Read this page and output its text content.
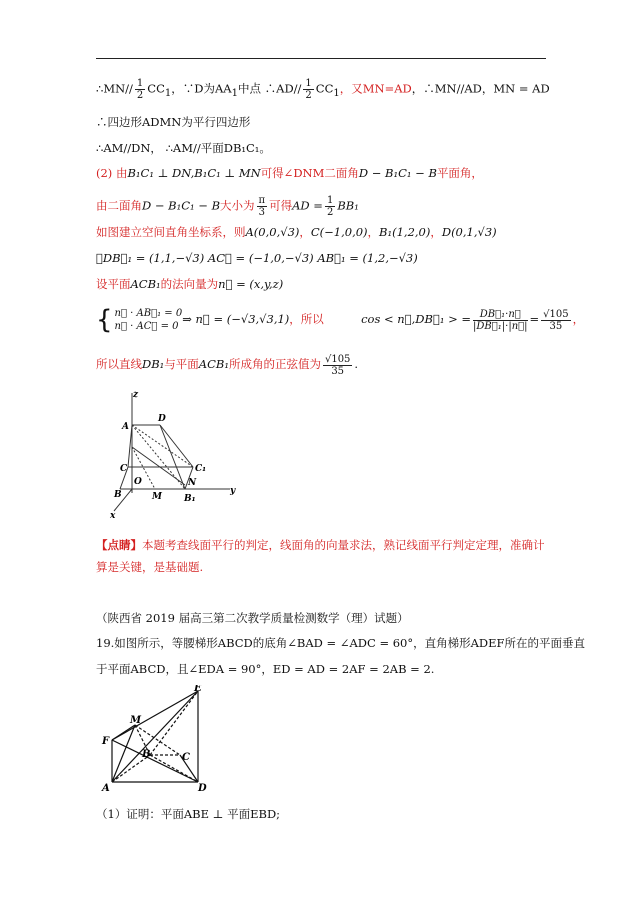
∴MN// $\frac{1}{2} CC_1$，∵D为$AA_1$中点 ∴AD// $\frac{1}{2} CC_1$，又MN=AD，∴MN//AD，MN = AD
∴四边形ADMN为平行四边形
∴AM//DN， ∴AM//平面DB₁C₁。
(2) 由B₁C₁ ⊥ DN,B₁C₁ ⊥ MN可得∠DNM二面角D − B₁C₁ − B平面角，
由二面角D − B₁C₁ − B大小为 $\frac{\pi}{3}$ 可得AD = $\frac{1}{2} BB_1$
如图建立空间直角坐标系，则A(0,0,√3)，C(−1,0,0)，B₁(1,2,0)，D(0,1,√3)
∴DB⃗₁ = (1,1,−√3) AC⃗ = (−1,0,−√3) AB⃗₁ = (1,2,−√3)
设平面ACB₁的法向量为n⃗ = (x,y,z)
{ n⃗ · AB⃗₁ = 0
n⃗ · AC⃗ = 0
⇒ n⃗ = (−√3,√3,1)，所以	cos < n⃗,DB⃗₁ > = $\frac{\text{DB⃗₁·n⃗}}{\text{|DB⃗₁|·|n⃗|}} = \frac{√105}{35}$ ，
所以直线DB₁与平面ACB₁所成角的正弦值为 $\frac{√105}{35}$ .
z
A
D
C	C₁
O
M
N
B	B₁
y
x
【点睛】本题考查线面平行的判定，线面角的向量求法，熟记线面平行判定定理，准确计算是关键，是基础题.
（陕西省 2019 届高三第二次教学质量检测数学（理）试题）
19.如图所示，等腰梯形ABCD的底角∠BAD = ∠ADC = 60°，直角梯形ADEF所在的平面垂直
于平面ABCD，且∠EDA = 90°，ED = AD = 2AF = 2AB = 2.
E
M
F
B	C
A	D
（1）证明：平面ABE ⊥ 平面EBD;
